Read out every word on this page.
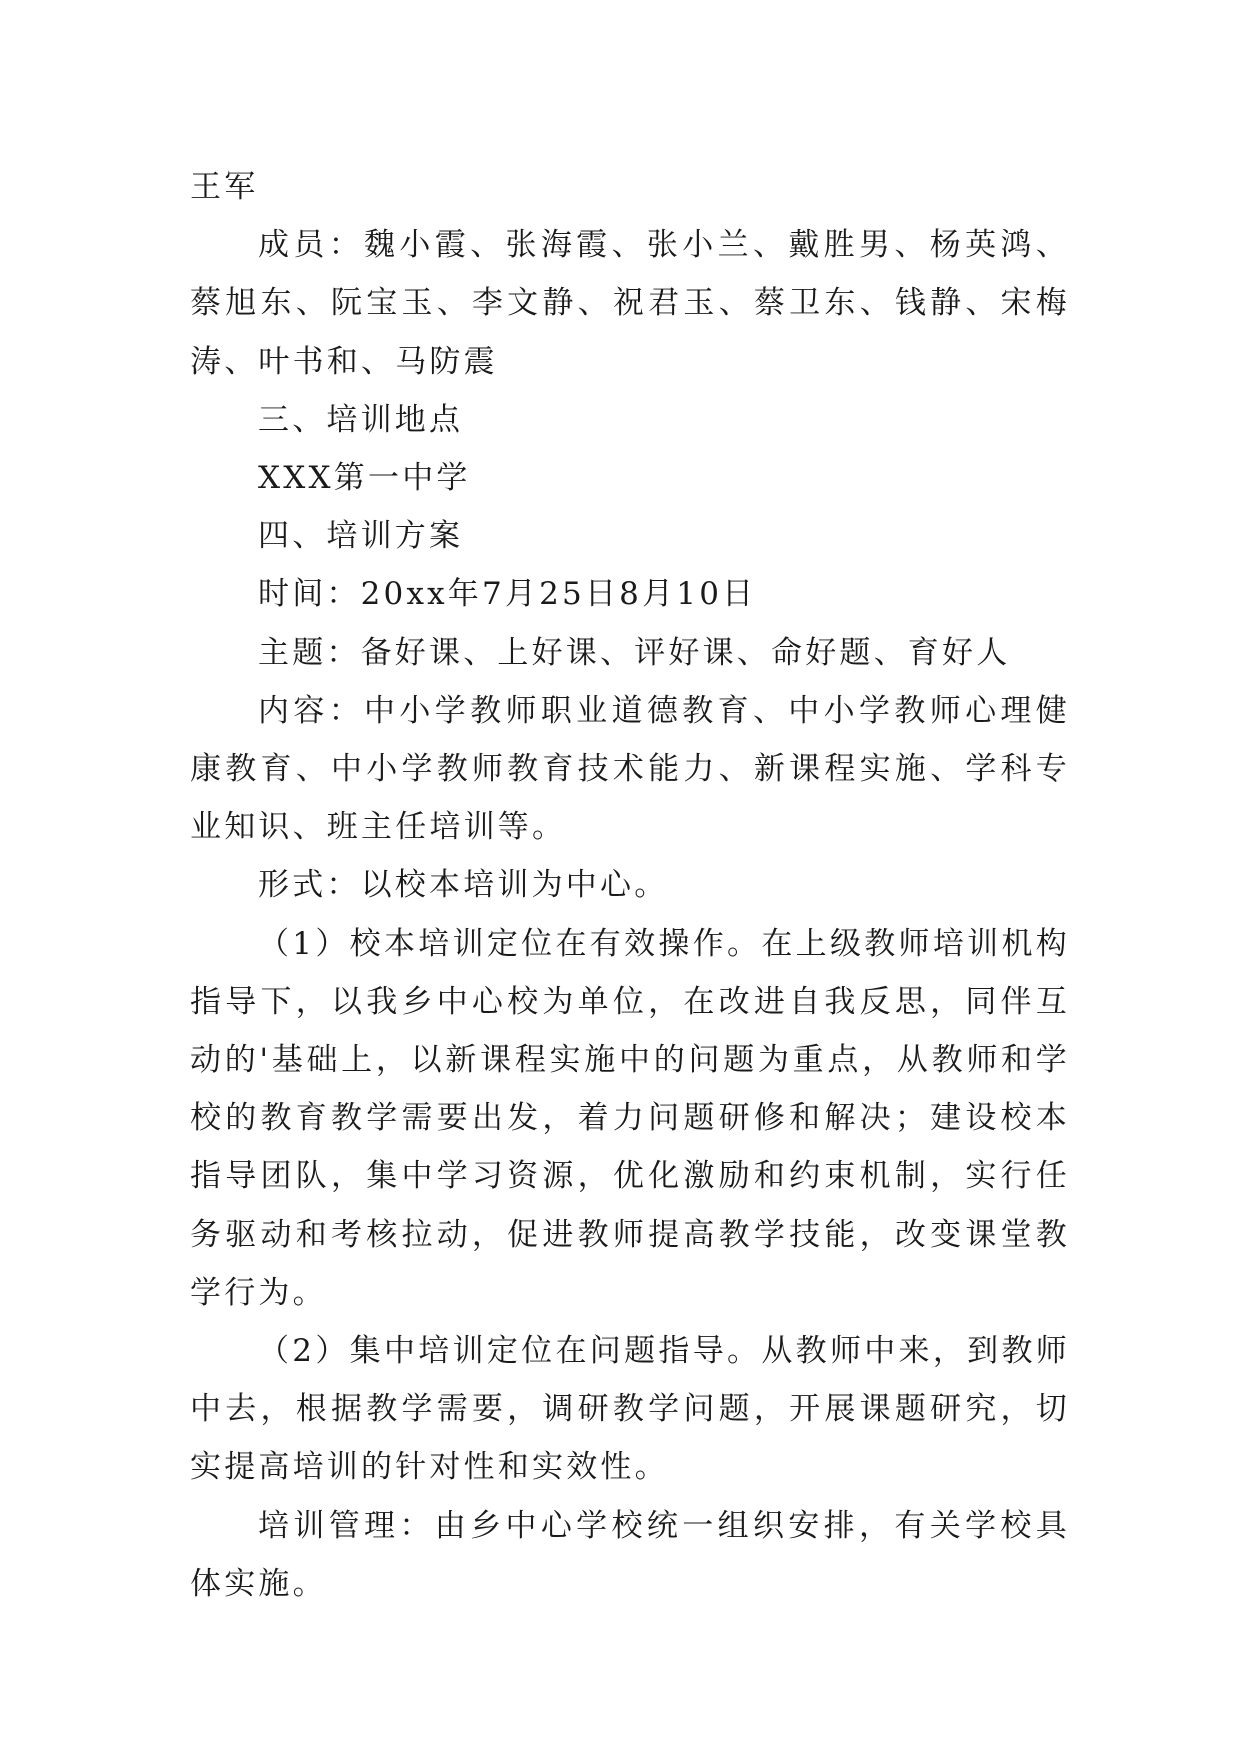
王军

成员：魏小霞、张海霞、张小兰、戴胜男、杨英鸿、蔡旭东、阮宝玉、李文静、祝君玉、蔡卫东、钱静、宋梅涛、叶书和、马防震

三、培训地点

XXX第一中学

四、培训方案

时间：20xx年7月25日8月10日

主题：备好课、上好课、评好课、命好题、育好人

内容：中小学教师职业道德教育、中小学教师心理健康教育、中小学教师教育技术能力、新课程实施、学科专业知识、班主任培训等。

形式：以校本培训为中心。

（1）校本培训定位在有效操作。在上级教师培训机构指导下，以我乡中心校为单位，在改进自我反思，同伴互动的'基础上，以新课程实施中的问题为重点，从教师和学校的教育教学需要出发，着力问题研修和解决；建设校本指导团队，集中学习资源，优化激励和约束机制，实行任务驱动和考核拉动，促进教师提高教学技能，改变课堂教学行为。

（2）集中培训定位在问题指导。从教师中来，到教师中去，根据教学需要，调研教学问题，开展课题研究，切实提高培训的针对性和实效性。

培训管理：由乡中心学校统一组织安排，有关学校具体实施。
